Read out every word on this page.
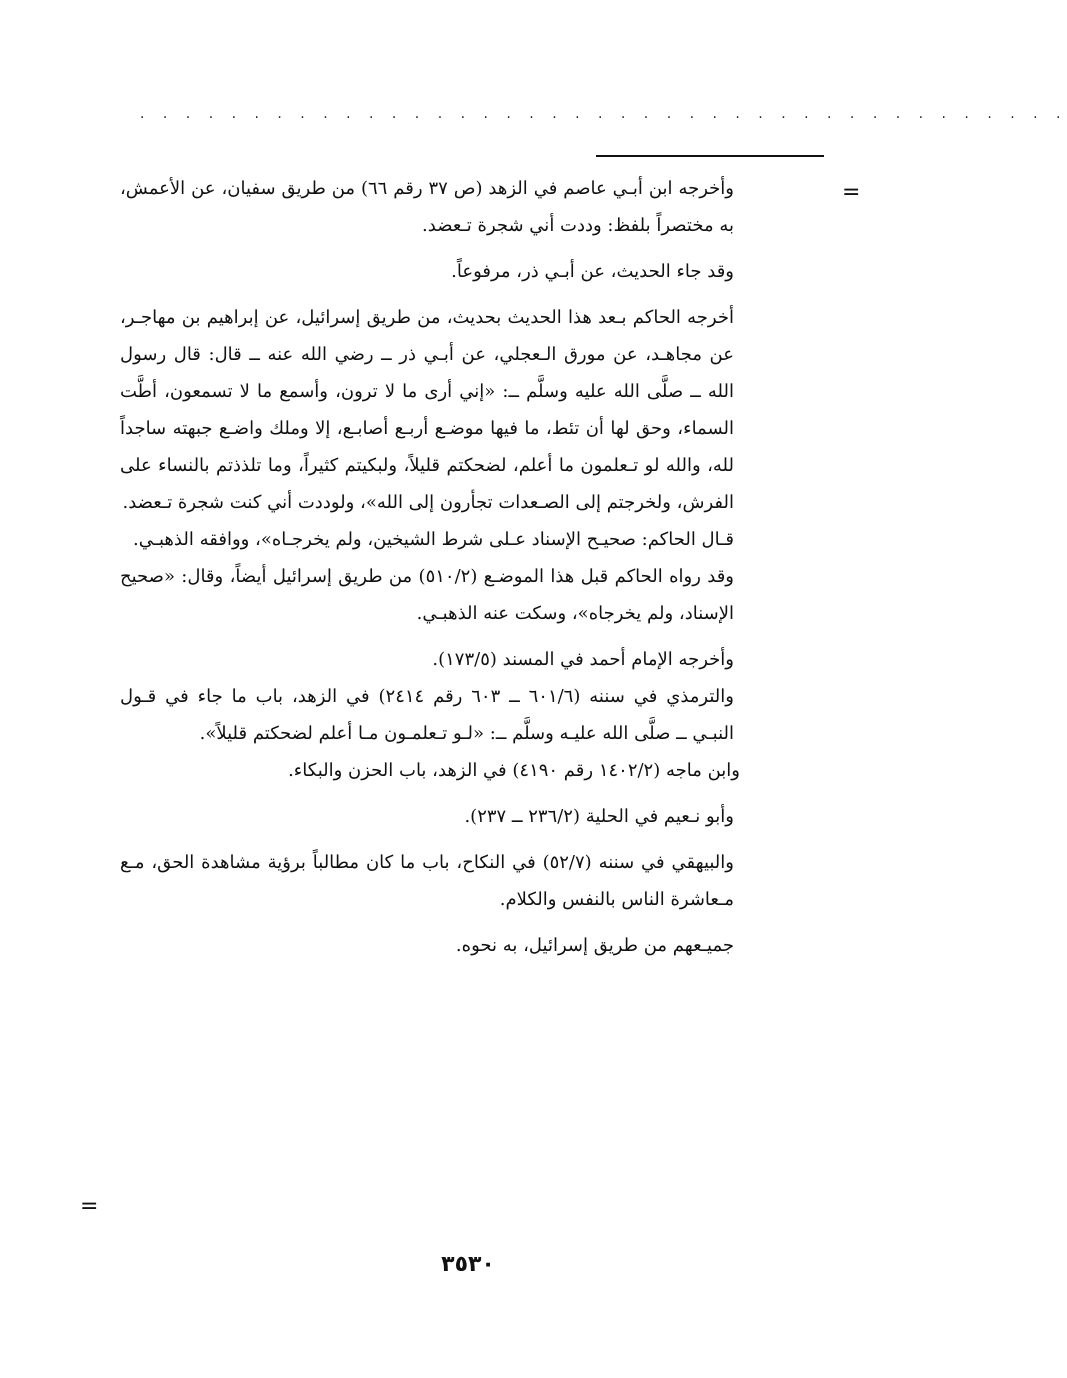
. . . . . . . . . . . . . . . . . . . . . . . . . . . . . . . . . . . . . . . . .
=
=

وأخرجه ابن أبـي عاصم في الزهد (ص ٣٧ رقم ٦٦) من طريق سفيان، عن الأعمش، به مختصراً بلفظ: وددت أني شجرة تـعضد.

وقد جاء الحديث، عن أبـي ذر، مرفوعاً.

أخرجه الحاكم بـعد هذا الحديث بحديث، من طريق إسرائيل، عن إبراهيم بن مهاجـر، عن مجاهـد، عن مورق الـعجلي، عن أبـي ذر ــ رضي الله عنه ــ قال: قال رسول الله ــ صلَّى الله عليه وسلَّم ــ: «إني أرى ما لا ترون، وأسمع ما لا تسمعون، أطَّت السماء، وحق لها أن تئط، ما فيها موضـع أربـع أصابـع، إلا وملك واضـع جبهته ساجداً لله، والله لو تـعلمون ما أعلم، لضحكتم قليلاً، ولبكيتم كثيراً، وما تلذذتم بالنساء على الفرش، ولخرجتم إلى الصـعدات تجأرون إلى الله»، ولوددت أني كنت شجرة تـعضد.

قـال الحاكم: صحيـح الإسناد عـلى شرط الشيخين، ولم يخرجـاه»، ووافقه الذهبـي.

وقد رواه الحاكم قبل هذا الموضـع (٥١٠/٢) من طريق إسرائيل أيضاً، وقال: «صحيح الإسناد، ولم يخرجاه»، وسكت عنه الذهبـي.

وأخرجه الإمام أحمد في المسند (١٧٣/٥).

والترمذي في سننه (٦٠١/٦ ــ ٦٠٣ رقم ٢٤١٤) في الزهد، باب ما جاء في قـول النبـي ــ صلَّى الله عليـه وسلَّم ــ: «لـو تـعلمـون مـا أعلم لضحكتم قليلاً».

وابن ماجه (١٤٠٢/٢ رقم ٤١٩٠) في الزهد، باب الحزن والبكاء.

وأبو نـعيم في الحلية (٢٣٦/٢ ــ ٢٣٧).

والبيهقي في سننه (٥٢/٧) في النكاح، باب ما كان مطالباً برؤية مشاهدة الحق، مـع مـعاشرة الناس بالنفس والكلام.

جميـعهم من طريق إسرائيل، به نحوه.

٣٥٣٠
